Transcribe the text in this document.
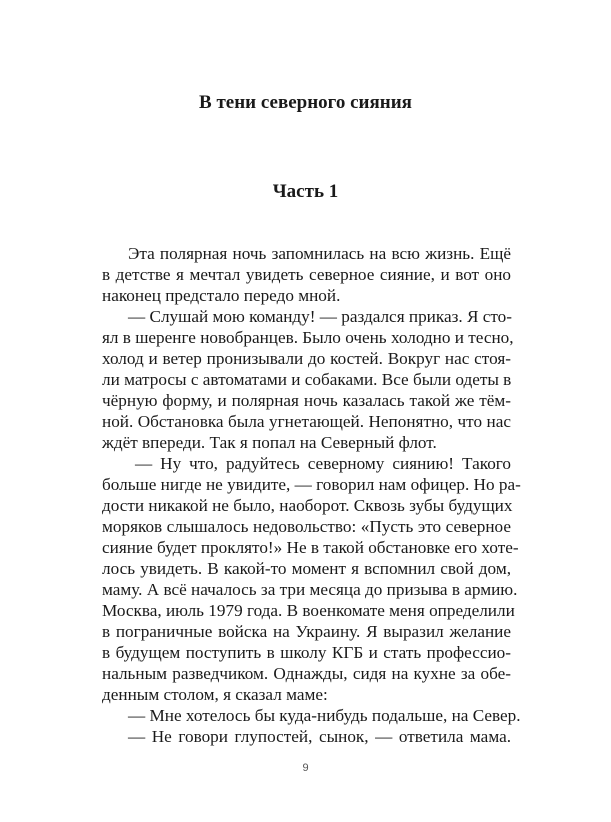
В тени северного сияния
Часть 1
Эта полярная ночь запомнилась на всю жизнь. Ещё
в детстве я мечтал увидеть северное сияние, и вот оно
наконец предстало передо мной.
— Слушай мою команду! — раздался приказ. Я сто-
ял в шеренге новобранцев. Было очень холодно и тесно,
холод и ветер пронизывали до костей. Вокруг нас стоя-
ли матросы с автоматами и собаками. Все были одеты в
чёрную форму, и полярная ночь казалась такой же тём-
ной. Обстановка была угнетающей. Непонятно, что нас
ждёт впереди. Так я попал на Северный флот.
— Ну что, радуйтесь северному сиянию! Такого
больше нигде не увидите, — говорил нам офицер. Но ра-
дости никакой не было, наоборот. Сквозь зубы будущих
моряков слышалось недовольство: «Пусть это северное
сияние будет проклято!» Не в такой обстановке его хоте-
лось увидеть. В какой-то момент я вспомнил свой дом,
маму. А всё началось за три месяца до призыва в армию.
Москва, июль 1979 года. В военкомате меня определили
в пограничные войска на Украину. Я выразил желание
в будущем поступить в школу КГБ и стать профессио-
нальным разведчиком. Однажды, сидя на кухне за обе-
денным столом, я сказал маме:
— Мне хотелось бы куда-нибудь подальше, на Север.
— Не говори глупостей, сынок, — ответила мама.
9
